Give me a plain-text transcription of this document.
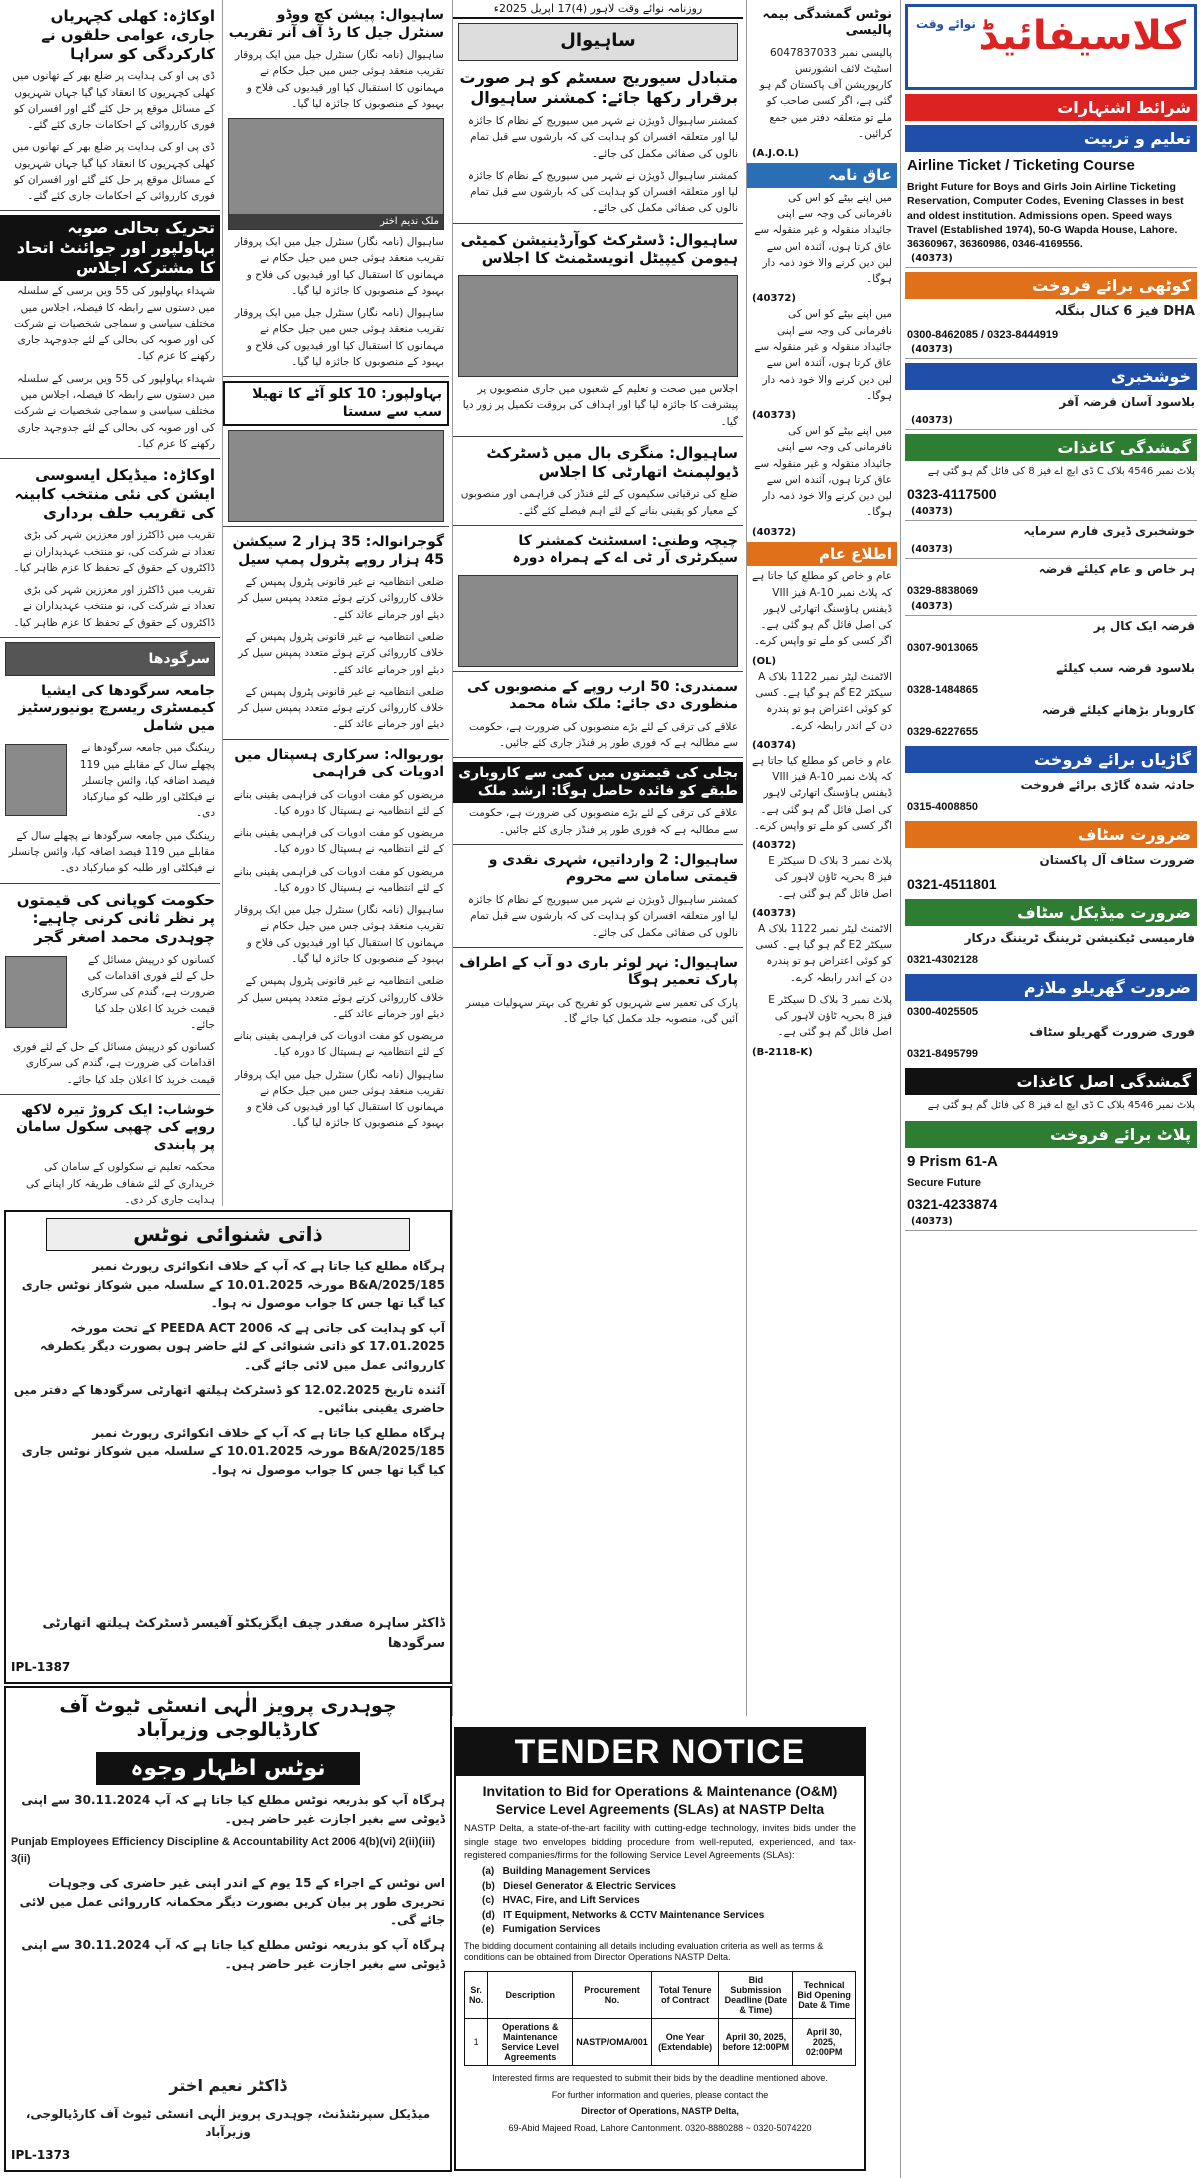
اوکاڑہ: کھلی کچہریاں جاری، عوامی حلقوں نے کارکردگی کو سراہا
ڈی پی او کی ہدایت پر ضلع بھر کے تھانوں میں کھلی کچہریوں کا انعقاد کیا گیا جہاں شہریوں کے مسائل موقع پر حل کئے گئے اور افسران کو فوری کارروائی کے احکامات جاری کئے گئے۔
ڈی پی او کی ہدایت پر ضلع بھر کے تھانوں میں کھلی کچہریوں کا انعقاد کیا گیا جہاں شہریوں کے مسائل موقع پر حل کئے گئے اور افسران کو فوری کارروائی کے احکامات جاری کئے گئے۔
تحریک بحالی صوبہ بہاولپور اور جوائنٹ اتحاد کا مشترکہ اجلاس
شہداء بہاولپور کی 55 ویں برسی کے سلسلہ میں دستوں سے رابطہ کا فیصلہ، اجلاس میں مختلف سیاسی و سماجی شخصیات نے شرکت کی اور صوبہ کی بحالی کے لئے جدوجہد جاری رکھنے کا عزم کیا۔
شہداء بہاولپور کی 55 ویں برسی کے سلسلہ میں دستوں سے رابطہ کا فیصلہ، اجلاس میں مختلف سیاسی و سماجی شخصیات نے شرکت کی اور صوبہ کی بحالی کے لئے جدوجہد جاری رکھنے کا عزم کیا۔
اوکاڑہ: میڈیکل ایسوسی ایشن کی نئی منتخب کابینہ کی تقریب حلف برداری
تقریب میں ڈاکٹرز اور معززین شہر کی بڑی تعداد نے شرکت کی، نو منتخب عہدیداران نے ڈاکٹروں کے حقوق کے تحفظ کا عزم ظاہر کیا۔
تقریب میں ڈاکٹرز اور معززین شہر کی بڑی تعداد نے شرکت کی، نو منتخب عہدیداران نے ڈاکٹروں کے حقوق کے تحفظ کا عزم ظاہر کیا۔
سرگودھا
جامعہ سرگودھا کی ایشیا کیمسٹری ریسرچ یونیورسٹیز میں شامل
رینکنگ میں جامعہ سرگودھا نے پچھلے سال کے مقابلے میں 119 فیصد اضافہ کیا، وائس چانسلر نے فیکلٹی اور طلبہ کو مبارکباد دی۔
رینکنگ میں جامعہ سرگودھا نے پچھلے سال کے مقابلے میں 119 فیصد اضافہ کیا، وائس چانسلر نے فیکلٹی اور طلبہ کو مبارکباد دی۔
حکومت کوپانی کی قیمتوں پر نظر ثانی کرنی چاہیے: چوہدری محمد اصغر گجر
کسانوں کو درپیش مسائل کے حل کے لئے فوری اقدامات کی ضرورت ہے، گندم کی سرکاری قیمت خرید کا اعلان جلد کیا جائے۔
کسانوں کو درپیش مسائل کے حل کے لئے فوری اقدامات کی ضرورت ہے، گندم کی سرکاری قیمت خرید کا اعلان جلد کیا جائے۔
خوشاب: ایک کروڑ تیرہ لاکھ روپے کی چھپی سکول سامان پر پابندی
محکمہ تعلیم نے سکولوں کے سامان کی خریداری کے لئے شفاف طریقہ کار اپنانے کی ہدایت جاری کر دی۔
ساہیوال: پیشن کچ ووڈو سنٹرل جیل کا رڈ آف آنر تقریب
ساہیوال (نامہ نگار) سنٹرل جیل میں ایک پروقار تقریب منعقد ہوئی جس میں جیل حکام نے مہمانوں کا استقبال کیا اور قیدیوں کی فلاح و بہبود کے منصوبوں کا جائزہ لیا گیا۔
ملک ندیم اختر
ساہیوال (نامہ نگار) سنٹرل جیل میں ایک پروقار تقریب منعقد ہوئی جس میں جیل حکام نے مہمانوں کا استقبال کیا اور قیدیوں کی فلاح و بہبود کے منصوبوں کا جائزہ لیا گیا۔
ساہیوال (نامہ نگار) سنٹرل جیل میں ایک پروقار تقریب منعقد ہوئی جس میں جیل حکام نے مہمانوں کا استقبال کیا اور قیدیوں کی فلاح و بہبود کے منصوبوں کا جائزہ لیا گیا۔
بہاولپور: 10 کلو آٹے کا تھیلا سب سے سستا
گوجرانوالہ: 35 ہزار 2 سیکشن 45 ہزار روپے پٹرول پمپ سیل
ضلعی انتظامیہ نے غیر قانونی پٹرول پمپس کے خلاف کارروائی کرتے ہوئے متعدد پمپس سیل کر دیئے اور جرمانے عائد کئے۔
ضلعی انتظامیہ نے غیر قانونی پٹرول پمپس کے خلاف کارروائی کرتے ہوئے متعدد پمپس سیل کر دیئے اور جرمانے عائد کئے۔
ضلعی انتظامیہ نے غیر قانونی پٹرول پمپس کے خلاف کارروائی کرتے ہوئے متعدد پمپس سیل کر دیئے اور جرمانے عائد کئے۔
بوریوالہ: سرکاری ہسپتال میں ادویات کی فراہمی
مریضوں کو مفت ادویات کی فراہمی یقینی بنانے کے لئے انتظامیہ نے ہسپتال کا دورہ کیا۔
مریضوں کو مفت ادویات کی فراہمی یقینی بنانے کے لئے انتظامیہ نے ہسپتال کا دورہ کیا۔
مریضوں کو مفت ادویات کی فراہمی یقینی بنانے کے لئے انتظامیہ نے ہسپتال کا دورہ کیا۔
ساہیوال (نامہ نگار) سنٹرل جیل میں ایک پروقار تقریب منعقد ہوئی جس میں جیل حکام نے مہمانوں کا استقبال کیا اور قیدیوں کی فلاح و بہبود کے منصوبوں کا جائزہ لیا گیا۔
ضلعی انتظامیہ نے غیر قانونی پٹرول پمپس کے خلاف کارروائی کرتے ہوئے متعدد پمپس سیل کر دیئے اور جرمانے عائد کئے۔
مریضوں کو مفت ادویات کی فراہمی یقینی بنانے کے لئے انتظامیہ نے ہسپتال کا دورہ کیا۔
ساہیوال (نامہ نگار) سنٹرل جیل میں ایک پروقار تقریب منعقد ہوئی جس میں جیل حکام نے مہمانوں کا استقبال کیا اور قیدیوں کی فلاح و بہبود کے منصوبوں کا جائزہ لیا گیا۔
روزنامہ نوائے وقت لاہور (4)17 اپریل 2025ء
ساہیوال
متبادل سیوریج سسٹم کو ہر صورت برقرار رکھا جائے: کمشنر ساہیوال
کمشنر ساہیوال ڈویژن نے شہر میں سیوریج کے نظام کا جائزہ لیا اور متعلقہ افسران کو ہدایت کی کہ بارشوں سے قبل تمام نالوں کی صفائی مکمل کی جائے۔
کمشنر ساہیوال ڈویژن نے شہر میں سیوریج کے نظام کا جائزہ لیا اور متعلقہ افسران کو ہدایت کی کہ بارشوں سے قبل تمام نالوں کی صفائی مکمل کی جائے۔
ساہیوال: ڈسٹرکٹ کوآرڈینیشن کمیٹی ہیومن کیپیٹل انویسٹمنٹ کا اجلاس
اجلاس میں صحت و تعلیم کے شعبوں میں جاری منصوبوں پر پیشرفت کا جائزہ لیا گیا اور اہداف کی بروقت تکمیل پر زور دیا گیا۔
ساہیوال: منگری بال میں ڈسٹرکٹ ڈیولپمنٹ اتھارٹی کا اجلاس
ضلع کی ترقیاتی سکیموں کے لئے فنڈز کی فراہمی اور منصوبوں کے معیار کو یقینی بنانے کے لئے اہم فیصلے کئے گئے۔
چیچہ وطنی: اسسٹنٹ کمشنر کا سیکرٹری آر ٹی اے کے ہمراہ دورہ
سمندری: 50 ارب روپے کے منصوبوں کی منظوری دی جائے: ملک شاہ محمد
علاقے کی ترقی کے لئے بڑے منصوبوں کی ضرورت ہے، حکومت سے مطالبہ ہے کہ فوری طور پر فنڈز جاری کئے جائیں۔
بجلی کی قیمتوں میں کمی سے کاروباری طبقے کو فائدہ حاصل ہوگا: ارشد ملک
علاقے کی ترقی کے لئے بڑے منصوبوں کی ضرورت ہے، حکومت سے مطالبہ ہے کہ فوری طور پر فنڈز جاری کئے جائیں۔
ساہیوال: 2 وارداتیں، شہری نقدی و قیمتی سامان سے محروم
کمشنر ساہیوال ڈویژن نے شہر میں سیوریج کے نظام کا جائزہ لیا اور متعلقہ افسران کو ہدایت کی کہ بارشوں سے قبل تمام نالوں کی صفائی مکمل کی جائے۔
ساہیوال: نہر لوئر باری دو آب کے اطراف پارک تعمیر ہوگا
پارک کی تعمیر سے شہریوں کو تفریح کی بہتر سہولیات میسر آئیں گی، منصوبہ جلد مکمل کیا جائے گا۔
نوٹس گمشدگی بیمہ پالیسی
پالیسی نمبر 6047837033 اسٹیٹ لائف انشورنس کارپوریشن آف پاکستان گم ہو گئی ہے، اگر کسی صاحب کو ملے تو متعلقہ دفتر میں جمع کرائیں۔
(A.J.O.L)
عاق نامہ
میں اپنے بیٹے کو اس کی نافرمانی کی وجہ سے اپنی جائیداد منقولہ و غیر منقولہ سے عاق کرتا ہوں، آئندہ اس سے لین دین کرنے والا خود ذمہ دار ہوگا۔
(40372)
میں اپنے بیٹے کو اس کی نافرمانی کی وجہ سے اپنی جائیداد منقولہ و غیر منقولہ سے عاق کرتا ہوں، آئندہ اس سے لین دین کرنے والا خود ذمہ دار ہوگا۔
(40373)
میں اپنے بیٹے کو اس کی نافرمانی کی وجہ سے اپنی جائیداد منقولہ و غیر منقولہ سے عاق کرتا ہوں، آئندہ اس سے لین دین کرنے والا خود ذمہ دار ہوگا۔
(40372)
اطلاع عام
عام و خاص کو مطلع کیا جاتا ہے کہ پلاٹ نمبر 10-A فیز VIII ڈیفنس ہاؤسنگ اتھارٹی لاہور کی اصل فائل گم ہو گئی ہے۔ اگر کسی کو ملے تو واپس کرے۔
(OL)
الاٹمنٹ لیٹر نمبر 1122 بلاک A سیکٹر E2 گم ہو گیا ہے۔ کسی کو کوئی اعتراض ہو تو پندرہ دن کے اندر رابطہ کرے۔
(40374)
عام و خاص کو مطلع کیا جاتا ہے کہ پلاٹ نمبر 10-A فیز VIII ڈیفنس ہاؤسنگ اتھارٹی لاہور کی اصل فائل گم ہو گئی ہے۔ اگر کسی کو ملے تو واپس کرے۔
(40372)
پلاٹ نمبر 3 بلاک D سیکٹر E فیز 8 بحریہ ٹاؤن لاہور کی اصل فائل گم ہو گئی ہے۔
(40373)
الاٹمنٹ لیٹر نمبر 1122 بلاک A سیکٹر E2 گم ہو گیا ہے۔ کسی کو کوئی اعتراض ہو تو پندرہ دن کے اندر رابطہ کرے۔
پلاٹ نمبر 3 بلاک D سیکٹر E فیز 8 بحریہ ٹاؤن لاہور کی اصل فائل گم ہو گئی ہے۔
(B-2118-K)
نوائے وقت کلاسیفائیڈ
شرائط اشتہارات
تعلیم و تربیت
Airline Ticket / Ticketing Course
Bright Future for Boys and Girls Join Airline Ticketing Reservation, Computer Codes, Evening Classes in best and oldest institution. Admissions open. Speed ways Travel (Established 1974), 50-G Wapda House, Lahore. 36360967, 36360986, 0346-4169556.
(40373)
کوٹھی برائے فروخت
DHA فیز 6 کنال بنگلہ
0300-8462085 / 0323-8444919
(40373)
خوشخبری
بلاسود آسان قرضہ آفر
(40373)
گمشدگی کاغذات
پلاٹ نمبر 4546 بلاک C ڈی ایچ اے فیز 8 کی فائل گم ہو گئی ہے
0323-4117500
(40373)
خوشخبری ڈیری فارم سرمایہ
(40373)
ہر خاص و عام کیلئے قرضہ
0329-8838069
(40373)
قرضہ ایک کال پر
0307-9013065
بلاسود قرضہ سب کیلئے
0328-1484865
کاروبار بڑھانے کیلئے قرضہ
0329-6227655
گاڑیاں برائے فروخت
حادثہ شدہ گاڑی برائے فروخت
0315-4008850
ضرورت سٹاف
ضرورت سٹاف آل پاکستان
0321-4511801
ضرورت میڈیکل سٹاف
فارمیسی ٹیکنیشن ٹریننگ ٹریننگ درکار
0321-4302128
ضرورت گھریلو ملازم
0300-4025505
فوری ضرورت گھریلو سٹاف
0321-8495799
گمشدگی اصل کاغذات
پلاٹ نمبر 4546 بلاک C ڈی ایچ اے فیز 8 کی فائل گم ہو گئی ہے
پلاٹ برائے فروخت
9 Prism 61-A
Secure Future
0321-4233874
(40373)
ذاتی شنوائی نوٹس
ہرگاہ مطلع کیا جاتا ہے کہ آپ کے خلاف انکوائری رپورٹ نمبر 185/B&A/2025 مورخہ 10.01.2025 کے سلسلہ میں شوکاز نوٹس جاری کیا گیا تھا جس کا جواب موصول نہ ہوا۔
آپ کو ہدایت کی جاتی ہے کہ PEEDA ACT 2006 کے تحت مورخہ 17.01.2025 کو ذاتی شنوائی کے لئے حاضر ہوں بصورت دیگر یکطرفہ کارروائی عمل میں لائی جائے گی۔
آئندہ تاریخ 12.02.2025 کو ڈسٹرکٹ ہیلتھ اتھارٹی سرگودھا کے دفتر میں حاضری یقینی بنائیں۔
ہرگاہ مطلع کیا جاتا ہے کہ آپ کے خلاف انکوائری رپورٹ نمبر 185/B&A/2025 مورخہ 10.01.2025 کے سلسلہ میں شوکاز نوٹس جاری کیا گیا تھا جس کا جواب موصول نہ ہوا۔
ڈاکٹر ساہرہ صفدر چیف ایگزیکٹو آفیسر ڈسٹرکٹ ہیلتھ اتھارٹی سرگودھا
IPL-1387
چوہدری پرویز الٰہی انسٹی ٹیوٹ آف کارڈیالوجی وزیرآباد
نوٹس اظہار وجوہ
ہرگاہ آپ کو بذریعہ نوٹس مطلع کیا جاتا ہے کہ آپ 30.11.2024 سے اپنی ڈیوٹی سے بغیر اجازت غیر حاضر ہیں۔
Punjab Employees Efficiency Discipline & Accountability Act 2006 4(b)(vi) 2(ii)(iii) 3(ii)
اس نوٹس کے اجراء کے 15 یوم کے اندر اپنی غیر حاضری کی وجوہات تحریری طور پر بیان کریں بصورت دیگر محکمانہ کارروائی عمل میں لائی جائے گی۔
ہرگاہ آپ کو بذریعہ نوٹس مطلع کیا جاتا ہے کہ آپ 30.11.2024 سے اپنی ڈیوٹی سے بغیر اجازت غیر حاضر ہیں۔
ڈاکٹر نعیم اختر
میڈیکل سپرنٹنڈنٹ، چوہدری پرویز الٰہی انسٹی ٹیوٹ آف کارڈیالوجی، وزیرآباد
IPL-1373
TENDER NOTICE
Invitation to Bid for Operations & Maintenance (O&M) Service Level Agreements (SLAs) at NASTP Delta
NASTP Delta, a state-of-the-art facility with cutting-edge technology, invites bids under the single stage two envelopes bidding procedure from well-reputed, experienced, and tax-registered companies/firms for the following Service Level Agreements (SLAs):
(a) Building Management Services
(b) Diesel Generator & Electric Services
(c) HVAC, Fire, and Lift Services
(d) IT Equipment, Networks & CCTV Maintenance Services
(e) Fumigation Services
The bidding document containing all details including evaluation criteria as well as terms & conditions can be obtained from Director Operations NASTP Delta.
Sr. No.	Description	Procurement No.	Total Tenure of Contract	Bid Submission Deadline (Date & Time)	Technical Bid Opening Date & Time
1	Operations & Maintenance Service Level Agreements	NASTP/OMA/001	One Year (Extendable)	April 30, 2025, before 12:00PM	April 30, 2025, 02:00PM
Interested firms are requested to submit their bids by the deadline mentioned above.
For further information and queries, please contact the
Director of Operations, NASTP Delta,
69-Abid Majeed Road, Lahore Cantonment. 0320-8880288 ~ 0320-5074220
